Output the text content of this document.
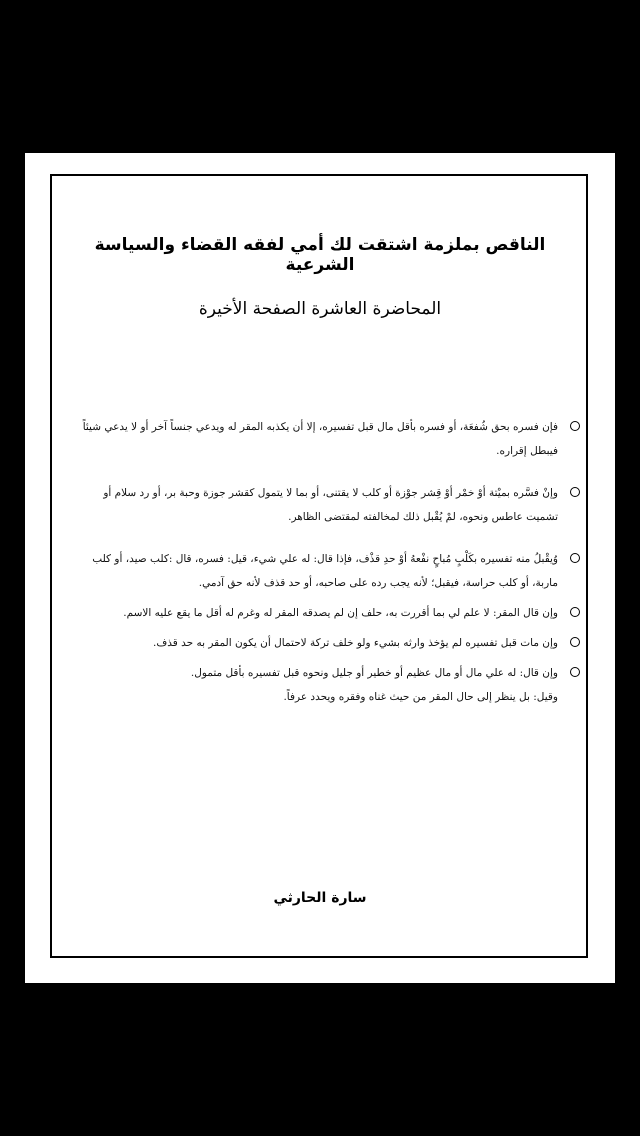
الناقص بملزمة اشتقت لك أمي لفقه القضاء والسياسة الشرعية
المحاضرة العاشرة الصفحة الأخيرة
فإن فسره بحق شُفعَة، أو فسره بأقل مال قبل تفسيره، إلا أن يكذبه المقر له ويدعي جنساً آخر أو لا يدعي شيئاً فيبطل إقراره.
وإنْ فسَّره بميْتة أوْ خمْر أوْ قِشر جوْزة أو كلب لا يقتنى، أو بما لا يتمول كقشر جوزة وحبة بر، أو رد سلام أو تشميت عاطس ونحوه، لمْ يُقْبل ذلك لمخالفته لمقتضى الظاهر.
وُيقْبلُ منه تفسيره بكَلْبٍ مُباحٍ نفْعهُ أوْ حدِ قذْف، فإذا قال: له علي شيء، قيل: فسره، قال :كلب صيد، أو كلب ماربة، أو كلب حراسة، فيقبل؛ لأنه يجب رده على صاحبه، أو حد قذف لأنه حق آدمي.
وإن قال المقر: لا علم لي بما أقررت به، حلف إن لم يصدقه المقر له وغرم له أقل ما يقع عليه الاسم.
وإن مات قبل تفسيره لم يؤخذ وارثه بشيء ولو خلف تركة لاحتمال أن يكون المقر به حد قذف.
وإن قال: له علي مال أو مال عظيم أو خطير أو جليل ونحوه قبل تفسيره بأقل متمول.
وقيل: بل ينظر إلى حال المقر من حيث غناه وفقره ويحدد عرفاً.
سارة الحارثي
